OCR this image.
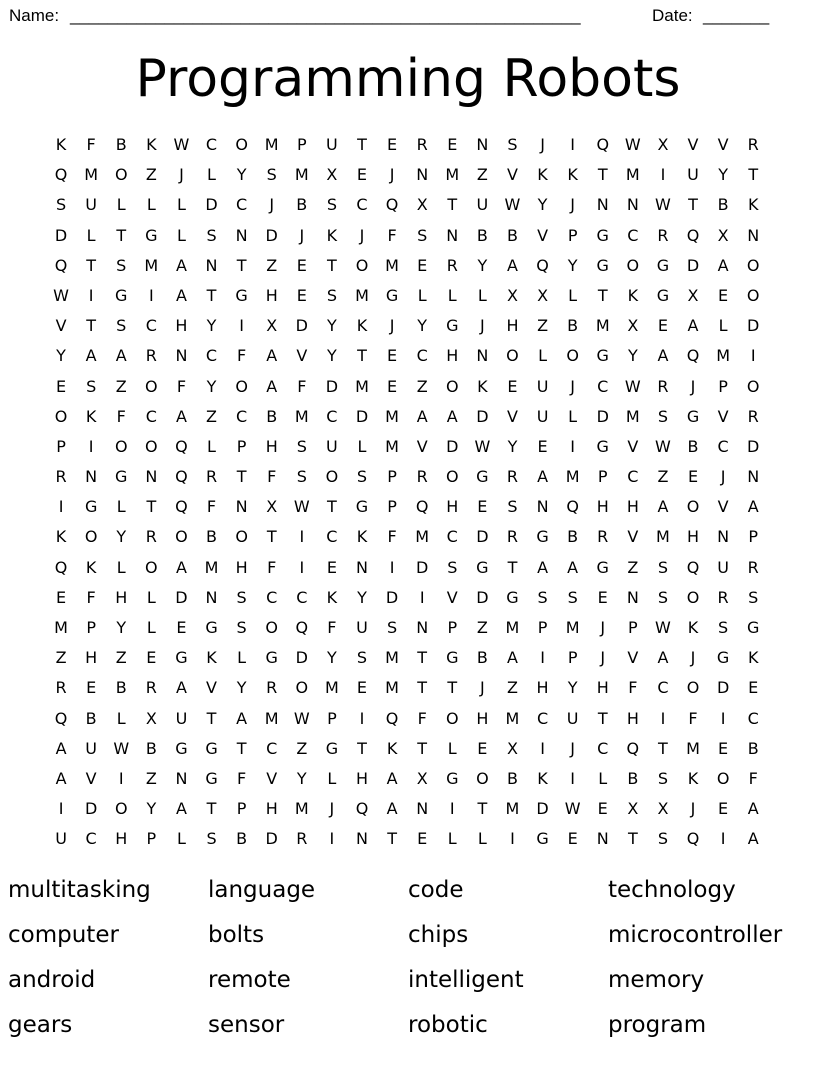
Name: ______________________________________________________	Date: _______
Programming Robots
K	F	B	K	W	C	O	M	P	U	T	E	R	E	N	S	J	I	Q W	X	V	V	R
Q	M	O	Z	J	L	Y	S	M	X	E	J	N	M	Z	V	K	K	T	M	I	U	Y	T
S	U	L	L	L	D	C	J	B	S	C	Q	X	T	U	W	Y	J	N	N	W	T	B	K
D	L	T	G	L	S	N	D	J	K	J	F	S	N	B	B	V	P	G	C	R	Q	X	N
Q	T	S	M	A	N	T	Z	E	T	O	M	E	R	Y	A	Q	Y	G	O	G	D	A	O
W	I	G	I	A	T	G	H	E	S	M	G	L	L	L	X	X	L	T	K	G	X	E	O
V	T	S	C	H	Y	I	X	D	Y	K	J	Y	G	J	H	Z	B	M	X	E	A	L	D
Y	A	A	R	N	C	F	A	V	Y	T	E	C	H	N	O	L	O	G	Y	A	Q	M	I
E	S	Z	O	F	Y	O	A	F	D	M	E	Z	O	K	E	U	J	C	W	R	J	P	O
O	K	F	C	A	Z	C	B	M	C	D	M	A	A	D	V	U	L	D	M	S	G	V	R
P	I	O	O	Q	L	P	H	S	U	L	M	V	D	W	Y	E	I	G	V	W	B	C	D
R	N	G	N	Q	R	T	F	S	O	S	P	R	O	G	R	A	M	P	C	Z	E	J	N
I	G	L	T	Q	F	N	X	W	T	G	P	Q	H	E	S	N	Q	H	H	A	O	V	A
K	O	Y	R	O	B	O	T	I	C	K	F	M	C	D	R	G	B	R	V	M	H	N	P
Q	K	L	O	A	M	H	F	I	E	N	I	D	S	G	T	A	A	G	Z	S	Q	U	R
E	F	H	L	D	N	S	C	C	K	Y	D	I	V	D	G	S	S	E	N	S	O	R	S
M	P	Y	L	E	G	S	O	Q	F	U	S	N	P	Z	M	P	M	J	P	W	K	S	G
Z	H	Z	E	G	K	L	G	D	Y	S	M	T	G	B	A	I	P	J	V	A	J	G	K
R	E	B	R	A	V	Y	R	O	M	E	M	T	T	J	Z	H	Y	H	F	C	O	D	E
Q	B	L	X	U	T	A	M W	P	I	Q	F	O	H	M	C	U	T	H	I	F	I	C
A	U	W	B	G	G	T	C	Z	G	T	K	T	L	E	X	I	J	C	Q	T	M	E	B
A	V	I	Z	N	G	F	V	Y	L	H	A	X	G	O	B	K	I	L	B	S	K	O	F
I	D	O	Y	A	T	P	H	M	J	Q	A	N	I	T	M	D	W	E	X	X	J	E	A
U	C	H	P	L	S	B	D	R	I	N	T	E	L	L	I	G	E	N	T	S	Q	I	A
multitasking	language	code	technology
computer	bolts	chips	microcontroller
android	remote	intelligent	memory
gears	sensor	robotic	program
